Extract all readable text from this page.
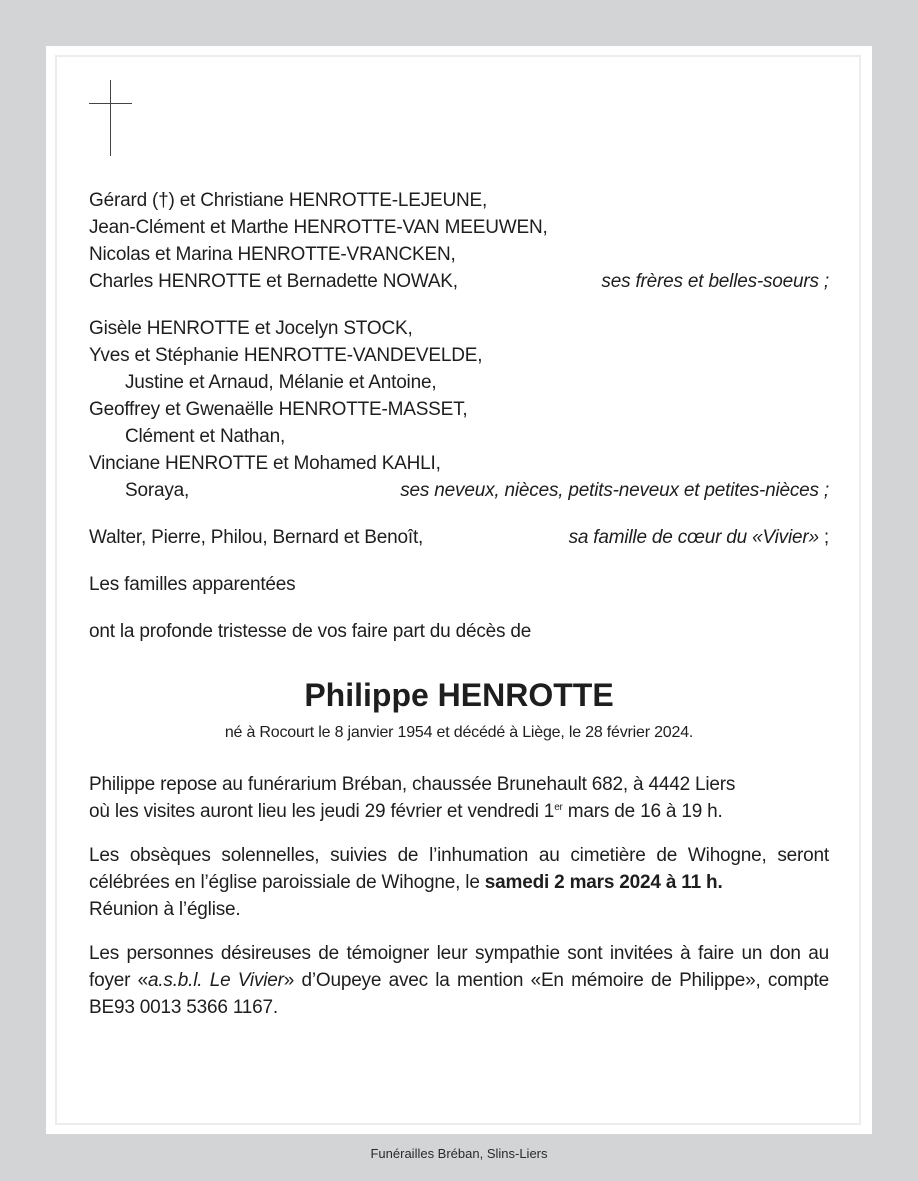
Gérard (†) et Christiane HENROTTE-LEJEUNE,
Jean-Clément et Marthe HENROTTE-VAN MEEUWEN,
Nicolas et Marina HENROTTE-VRANCKEN,
Charles HENROTTE et Bernadette NOWAK,	ses frères et belles-soeurs ;
Gisèle HENROTTE et Jocelyn STOCK,
Yves et Stéphanie HENROTTE-VANDEVELDE,
Justine et Arnaud, Mélanie et Antoine,
Geoffrey et Gwenaëlle HENROTTE-MASSET,
Clément et Nathan,
Vinciane HENROTTE et Mohamed KAHLI,
Soraya,	ses neveux, nièces, petits-neveux et petites-nièces ;
Walter, Pierre, Philou, Bernard et Benoît,	sa famille de cœur du «Vivier» ;
Les familles apparentées
ont la profonde tristesse de vos faire part du décès de
Philippe HENROTTE
né à Rocourt le 8 janvier 1954 et décédé à Liège, le 28 février 2024.
Philippe repose au funérarium Bréban, chaussée Brunehault 682, à 4442 Liers
où les visites auront lieu les jeudi 29 février et vendredi 1er mars de 16 à 19 h.
Les obsèques solennelles, suivies de l’inhumation au cimetière de Wihogne, seront célébrées en l’église paroissiale de Wihogne, le samedi 2 mars 2024 à 11 h.
Réunion à l’église.
Les personnes désireuses de témoigner leur sympathie sont invitées à faire un don au foyer «a.s.b.l. Le Vivier» d’Oupeye avec la mention «En mémoire de Philippe», compte BE93 0013 5366 1167.
Funérailles Bréban, Slins-Liers
